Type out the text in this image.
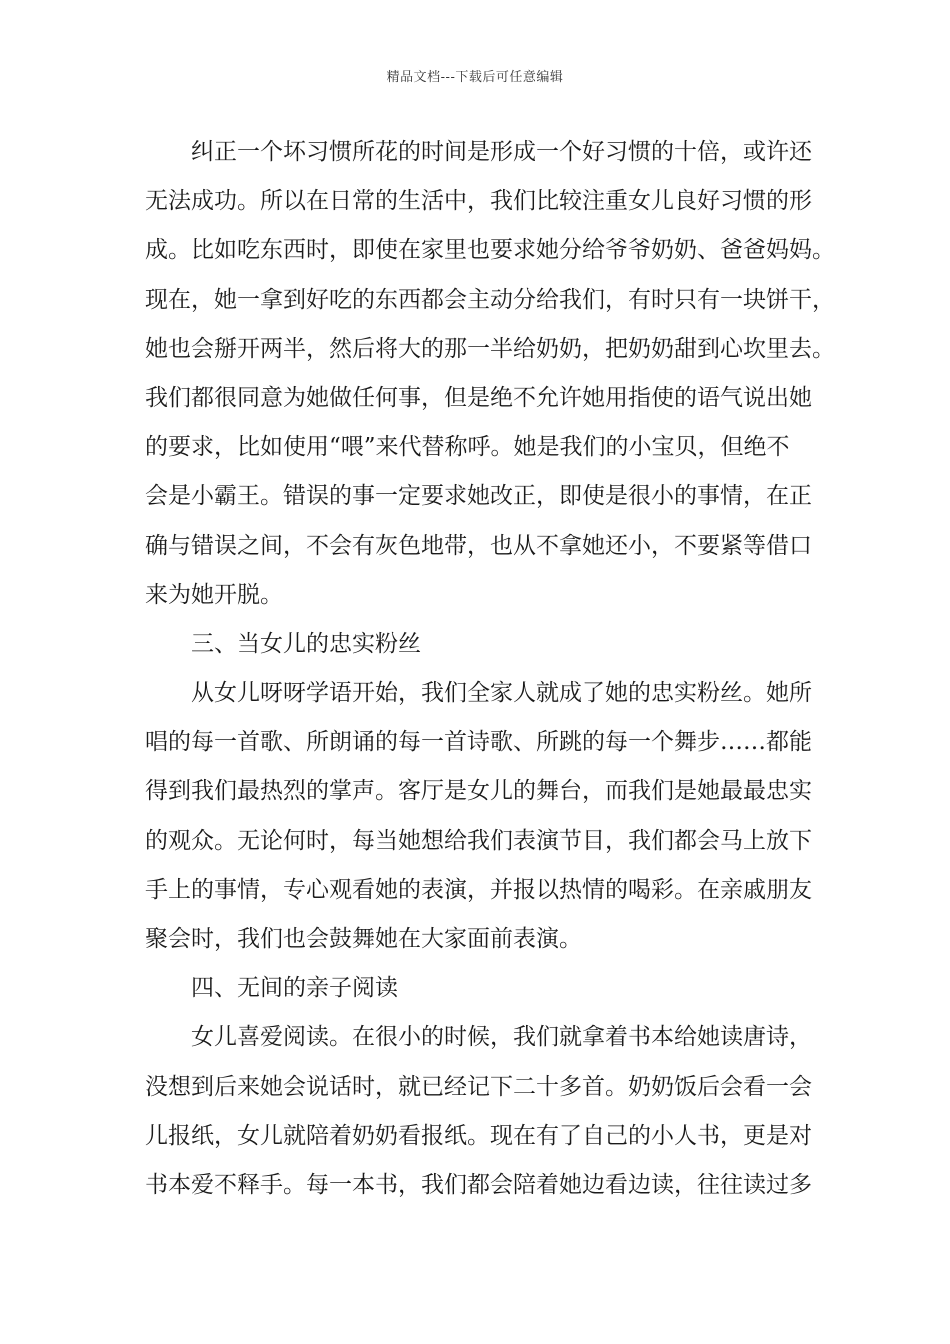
精品文档---下载后可任意编辑
纠正一个坏习惯所花的时间是形成一个好习惯的十倍，或许还
无法成功。所以在日常的生活中，我们比较注重女儿良好习惯的形
成。比如吃东西时，即使在家里也要求她分给爷爷奶奶、爸爸妈妈。
现在，她一拿到好吃的东西都会主动分给我们，有时只有一块饼干，
她也会掰开两半，然后将大的那一半给奶奶，把奶奶甜到心坎里去。
我们都很同意为她做任何事，但是绝不允许她用指使的语气说出她
的要求，比如使用“喂”来代替称呼。她是我们的小宝贝，但绝不
会是小霸王。错误的事一定要求她改正，即使是很小的事情，在正
确与错误之间，不会有灰色地带，也从不拿她还小，不要紧等借口
来为她开脱。
三、当女儿的忠实粉丝
从女儿呀呀学语开始，我们全家人就成了她的忠实粉丝。她所
唱的每一首歌、所朗诵的每一首诗歌、所跳的每一个舞步……都能
得到我们最热烈的掌声。客厅是女儿的舞台，而我们是她最最忠实
的观众。无论何时，每当她想给我们表演节目，我们都会马上放下
手上的事情，专心观看她的表演，并报以热情的喝彩。在亲戚朋友
聚会时，我们也会鼓舞她在大家面前表演。
四、无间的亲子阅读
女儿喜爱阅读。在很小的时候，我们就拿着书本给她读唐诗，
没想到后来她会说话时，就已经记下二十多首。奶奶饭后会看一会
儿报纸，女儿就陪着奶奶看报纸。现在有了自己的小人书，更是对
书本爱不释手。每一本书，我们都会陪着她边看边读，往往读过多
